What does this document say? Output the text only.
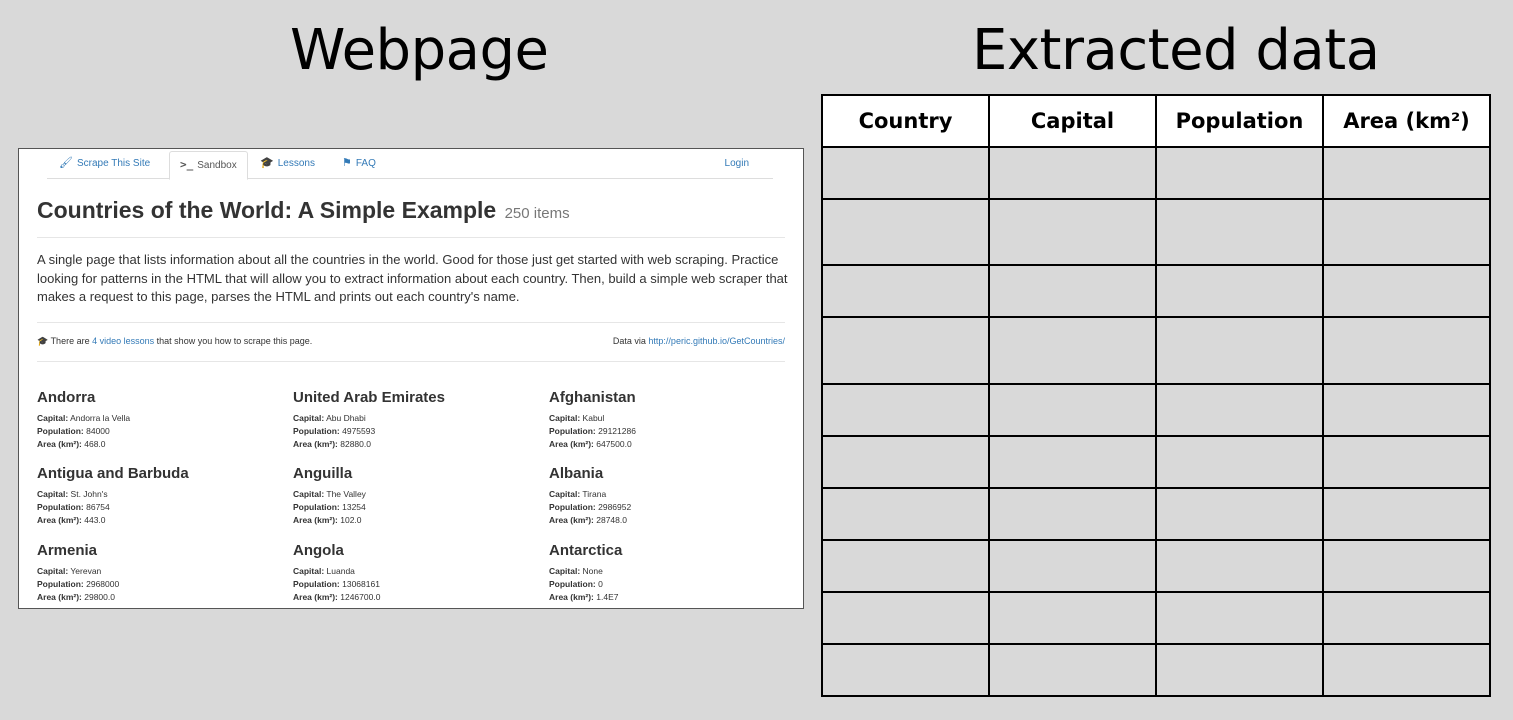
Webpage	Extracted data
🖌 Scrape This Site	>_ Sandbox	🎓 Lessons ⚑ FAQ	Login
Countries of the World: A Simple Example 250 items

A single page that lists information about all the countries in the world. Good for those just get started with web scraping. Practice looking for patterns in the HTML that will allow you to extract information about each country. Then, build a simple web scraper that makes a request to this page, parses the HTML and prints out each country's name.

🎓 There are 4 video lessons that show you how to scrape this page.	Data via http://peric.github.io/GetCountries/
Andorra
Capital: Andorra la Vella
Population: 84000
Area (km²): 468.0
United Arab Emirates
Capital: Abu Dhabi
Population: 4975593
Area (km²): 82880.0
Afghanistan
Capital: Kabul
Population: 29121286
Area (km²): 647500.0
Antigua and Barbuda
Capital: St. John's
Population: 86754
Area (km²): 443.0
Anguilla
Capital: The Valley
Population: 13254
Area (km²): 102.0
Albania
Capital: Tirana
Population: 2986952
Area (km²): 28748.0
Armenia
Capital: Yerevan
Population: 2968000
Area (km²): 29800.0
Angola
Capital: Luanda
Population: 13068161
Area (km²): 1246700.0
Antarctica
Capital: None
Population: 0
Area (km²): 1.4E7
Country	Capital	Population	Area (km²)
